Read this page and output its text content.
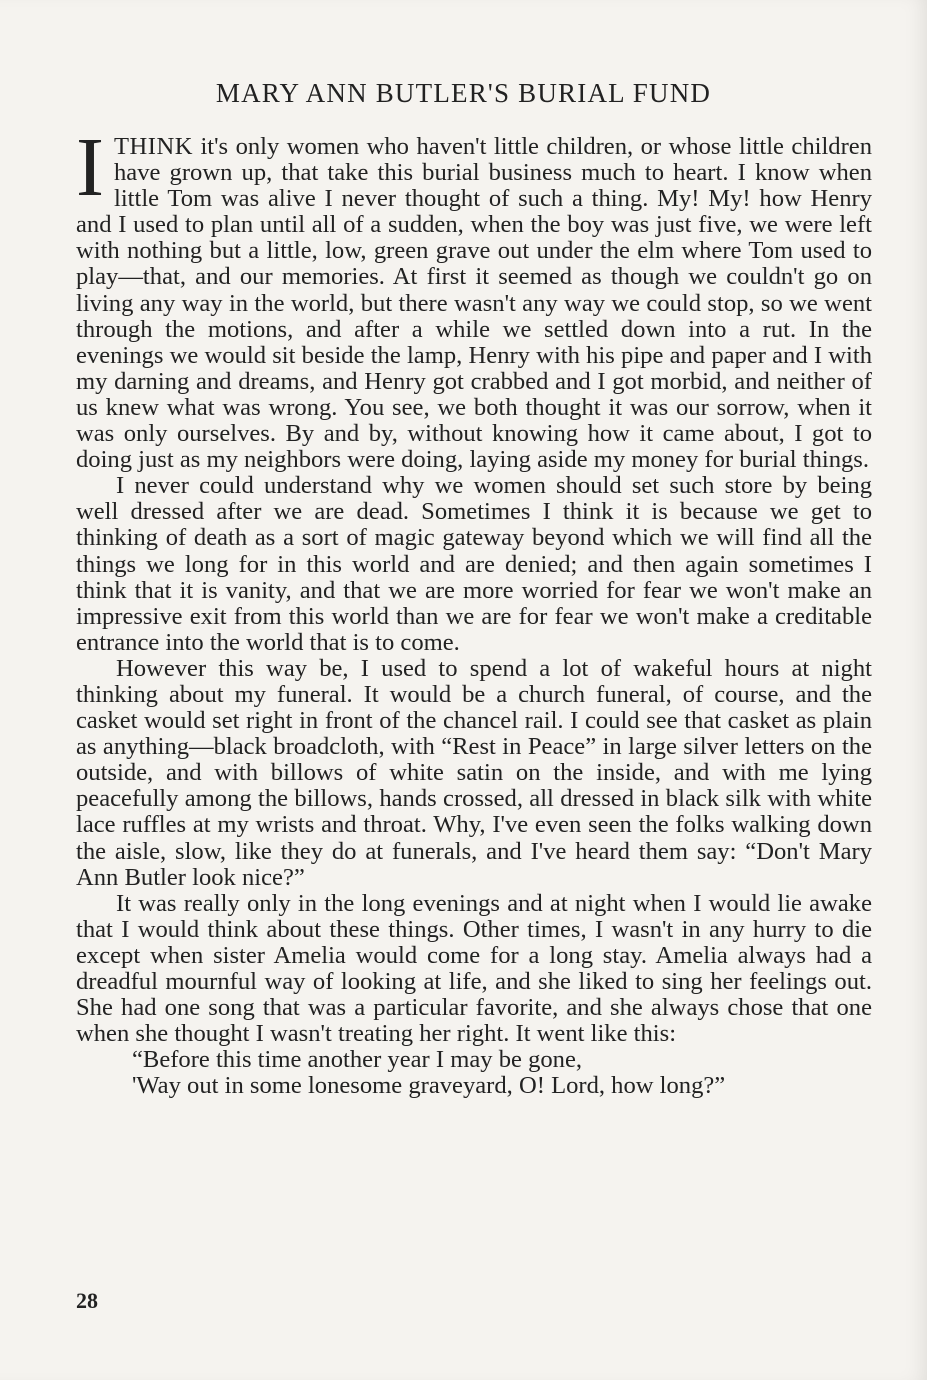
MARY ANN BUTLER'S BURIAL FUND

ITHINK it's only women who haven't little children, or whose little children have grown up, that take this burial business much to heart. I know when little Tom was alive I never thought of such a thing. My! My! how Henry and I used to plan until all of a sudden, when the boy was just five, we were left with nothing but a little, low, green grave out under the elm where Tom used to play—that, and our memories. At first it seemed as though we couldn't go on living any way in the world, but there wasn't any way we could stop, so we went through the motions, and after a while we settled down into a rut. In the evenings we would sit beside the lamp, Henry with his pipe and paper and I with my darning and dreams, and Henry got crabbed and I got morbid, and neither of us knew what was wrong. You see, we both thought it was our sorrow, when it was only ourselves. By and by, without knowing how it came about, I got to doing just as my neighbors were doing, laying aside my money for burial things.

I never could understand why we women should set such store by being well dressed after we are dead. Sometimes I think it is because we get to thinking of death as a sort of magic gateway beyond which we will find all the things we long for in this world and are denied; and then again sometimes I think that it is vanity, and that we are more worried for fear we won't make an impressive exit from this world than we are for fear we won't make a creditable entrance into the world that is to come.

However this way be, I used to spend a lot of wakeful hours at night thinking about my funeral. It would be a church funeral, of course, and the casket would set right in front of the chancel rail. I could see that casket as plain as anything—black broadcloth, with “Rest in Peace” in large silver letters on the outside, and with billows of white satin on the inside, and with me lying peacefully among the billows, hands crossed, all dressed in black silk with white lace ruffles at my wrists and throat. Why, I've even seen the folks walking down the aisle, slow, like they do at funerals, and I've heard them say: “Don't Mary Ann Butler look nice?”

It was really only in the long evenings and at night when I would lie awake that I would think about these things. Other times, I wasn't in any hurry to die except when sister Amelia would come for a long stay. Amelia always had a dreadful mournful way of looking at life, and she liked to sing her feelings out. She had one song that was a particular favorite, and she always chose that one when she thought I wasn't treating her right. It went like this:

“Before this time another year I may be gone,
'Way out in some lonesome graveyard, O! Lord, how long?”
28
